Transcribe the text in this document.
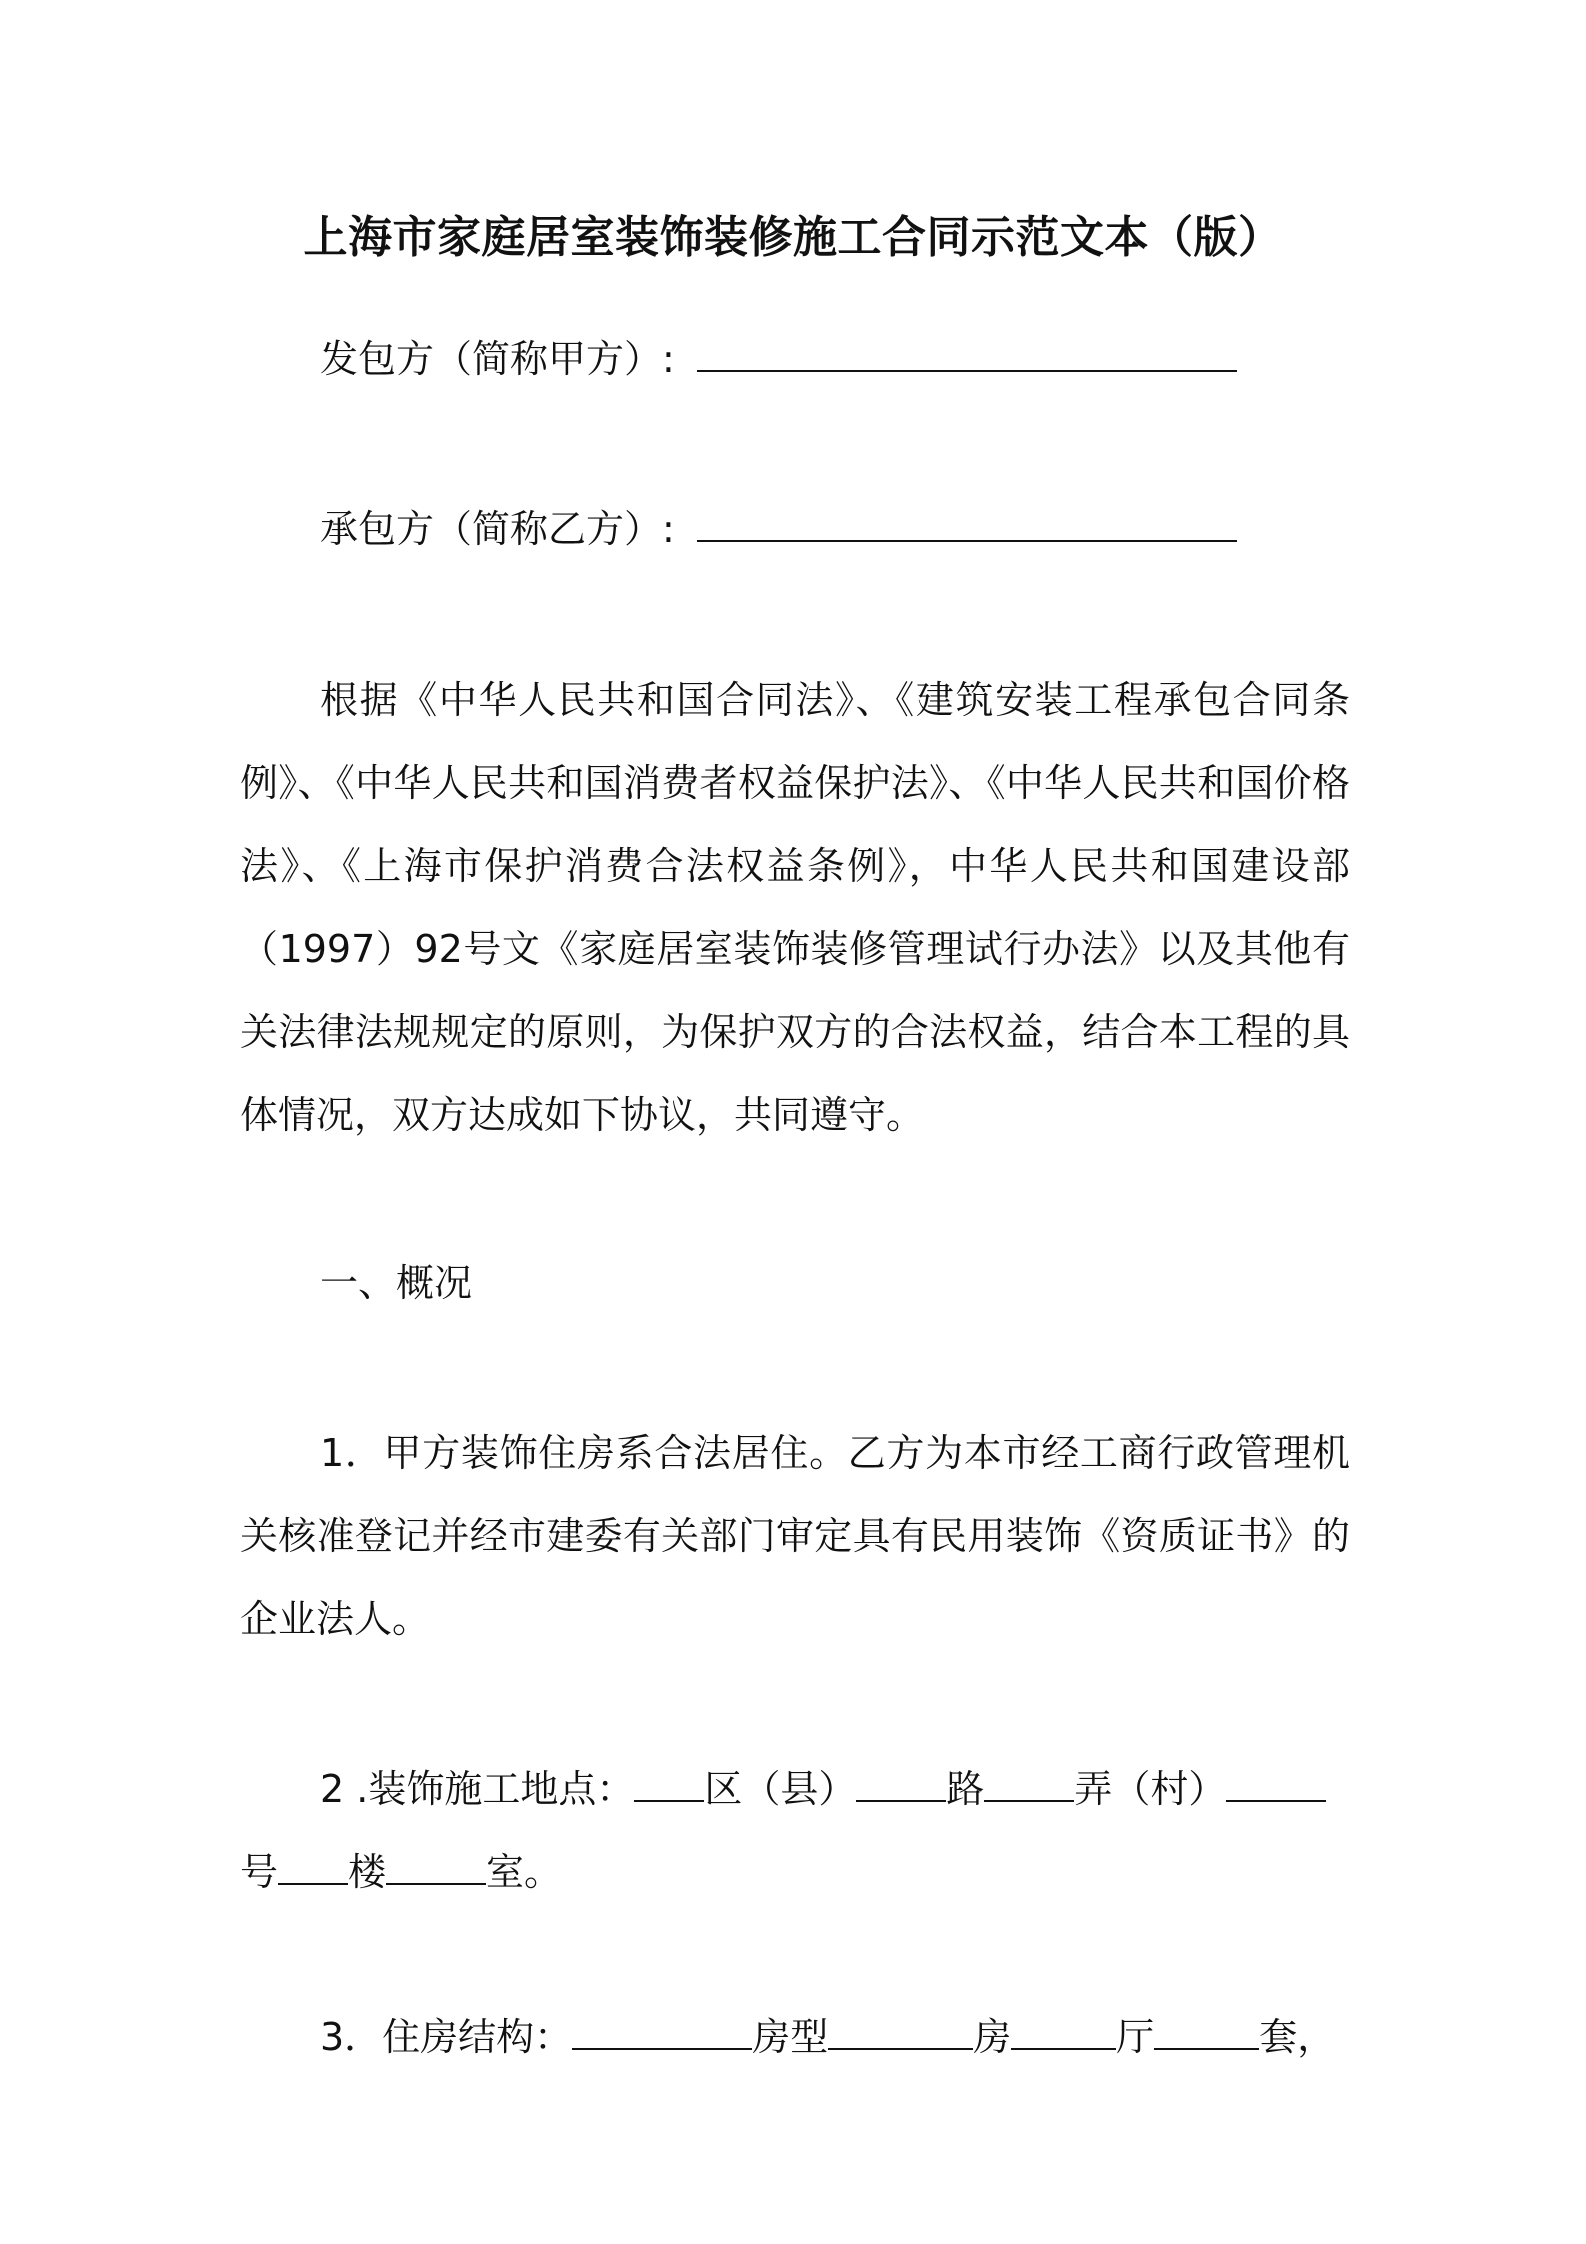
上海市家庭居室装饰装修施工合同示范文本（版）
发包方（简称甲方）:
承包方（简称乙方）:
根据《中华人民共和国合同法》、《建筑安装工程承包合同条例》、《中华人民共和国消费者权益保护法》、《中华人民共和国价格法》、《上海市保护消费合法权益条例》，中华人民共和国建设部（1997）92号文《家庭居室装饰装修管理试行办法》以及其他有关法律法规规定的原则，为保护双方的合法权益，结合本工程的具体情况，双方达成如下协议，共同遵守。
一、概况
1．甲方装饰住房系合法居住。乙方为本市经工商行政管理机关核准登记并经市建委有关部门审定具有民用装饰《资质证书》的企业法人。
2 .装饰施工地点： 区（县） 路 弄（村）
号 楼	室。
3．住房结构：	房型	房	厅	套，
